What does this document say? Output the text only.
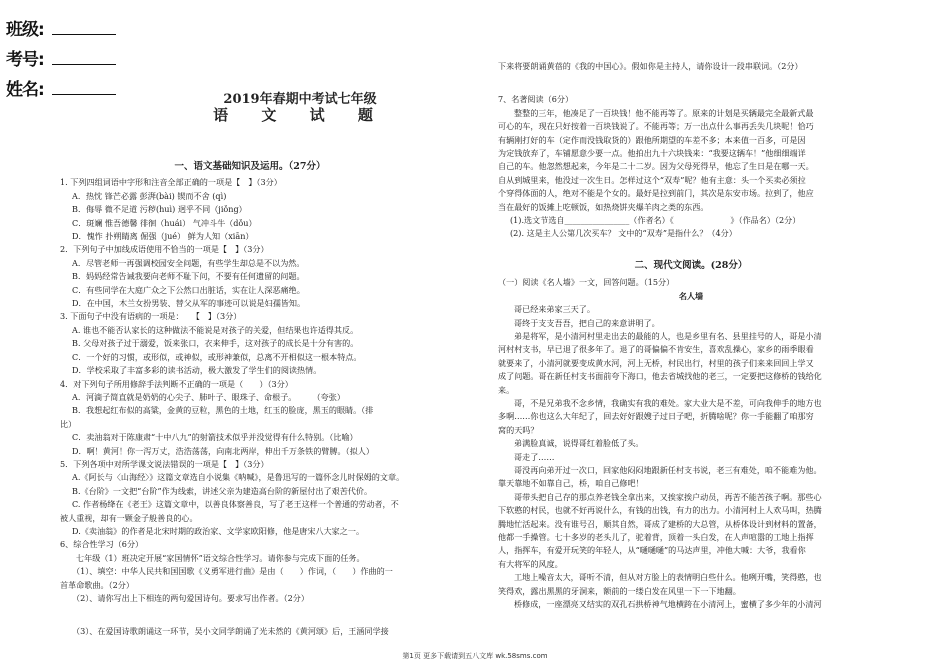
班级:
考号:
姓名:	2019年春期中考试七年级
语 文 试 题

一、语文基础知识及运用。（27分）

1. 下列四组词语中字形和注音全部正确的一项是【　】（3分）

A．热忱 锋芒必露 彭湃(bài) 锲而不舍 (qì)

B．侮辱 微不足道 污秽(huì) 迥乎不同（jiǒng）

C．斑斓 惟吾德馨 徘徊（huái） 气冲斗牛（dǒu）

D．愧怍 扑朔睛离 倔强（jué） 鲜为人知（xiān）

2．下列句子中加线成语使用不恰当的一项是【　】（3分）

A．尽管老师一再强调校园安全问题，有些学生却总是不以为然。

B．妈妈经常告诫我要向老师不耻下问，不要有任何遗留的问题。

C．有些同学在大庭广众之下公然口出脏话，实在让人深恶痛绝。

D．在中国，木兰女扮男装、替父从军的事迹可以说是妇孺皆知。

3. 下面句子中没有语病的一项是：　　【　】（3分）

A. 谁也不能否认家长的这种做法不能说是对孩子的关爱，但结果也许适得其反。

B. 父母对孩子过于溺爱，饭来张口，衣来伸手，这对孩子的成长是十分有害的。

C．一个好的习惯，或形似，或神似，或形神兼似，总离不开相似这一根本特点。

D．学校采取了丰富多彩的读书活动，极大激发了学生们的阅读热情。

4．对下列句子所用修辞手法判断不正确的一项是（　　）（3分）

A．河滴子简直就是奶奶的心尖子、肺叶子、眼珠子、命根子。　　　（夸张）

B．我想起红布似的高粱，金黄的豆粒，黑色的土地，红玉的脸庞，黑玉的眼睛。（排

比）

C．卖油翁对于陈康肃“十中八九”的射箭技术似乎并没觉得有什么特别。（比喻）

D．啊！黄河！你一泻万丈，浩浩荡荡，向南北两岸，伸出千万条铁的臂膊。（拟人）

5．下列各项中对所学课文说法错误的一项是【　】（3分）

A.《阿长与〈山海经〉》这篇文章选自小说集《呐喊》，是鲁迅写的一篇怀念儿时保姆的文章。

B.《台阶》一文把“台阶”作为线索，讲述父亲为建造高台阶的新屋付出了艰苦代价。

C. 作者杨绛在《老王》这篇文章中，以善良体察善良，写了老王这样一个普通的劳动者，不

被人重视，却有一颗金子般善良的心。

D.《卖油翁》的作者是北宋时期的政治家、文学家欧阳修，他是唐宋八大家之一。

6、综合性学习（6分）

七年级（1）班决定开展“家国情怀”语文综合性学习。请你参与完成下面的任务。

（1）、填空：中华人民共和国国歌《义勇军进行曲》是由（　　）作词，（　　）作曲的一

首革命歌曲。（2分）

（2）、请你写出上下相连的两句爱国诗句。要求写出作者。（2分）

（3）、在爱国诗歌朗诵这一环节，吴小文同学朗诵了光未然的《黄河颂》后，王涵同学接

下来将要朗诵黄蓓的《我的中国心》。假如你是主持人，请你设计一段串联词。（2分）

7、名著阅读（6分）

整整的三年，他凑足了一百块钱！他不能再等了。原来的计划是买辆最完全最新式最

可心的车，现在只好按着一百块钱说了。不能再等；万一出点什么事再丢失几块呢！恰巧

有辆刚打好的车（定作而没钱取货的）跟他所期望的车差不多；本来值一百多，可是因

为定钱放弃了，车铺愿意少要一点。他拍出九十六块钱来：“我要这辆车！”他细细端详

自己的车。他忽然想起来，今年是二十二岁。因为父母死得早，他忘了生日是在哪一天。

自从到城里来，他没过一次生日。怎样过这个“双寿”呢？他有主意：头一个买卖必须拉

个穿得体面的人，绝对不能是个女的。最好是拉到前门，其次是东安市场。拉到了，他应

当在最好的饭摊上吃顿饭，如热烧饼夹爆羊肉之类的东西。

(1).选文节选自________________（作者名）《　　　　　　　》（作品名）（2分）

(2). 这是主人公第几次买车？ 文中的“双寿”是指什么？（4分）

二、现代文阅读。(28分）

（一）阅读《名人墙》一文，回答问题。（15分）

名人墙

哥已经来弟家三天了。

哥终于支支吾吾，把自己的来意讲明了。

弟是将军，是小清河村里走出去的最能的人，也是乡里有名、县里挂号的人，哥是小清

河村村支书，早已退了很多年了。退了的哥偏偏不肯安生，喜欢乱操心，家乡的雨季眼看

就要来了，小清河就要变成黄水河，河上无桥，村民出行，村里的孩子们来来回回上学又

成了问题。哥在新任村支书面前夸下海口，他去省城找他的老三，一定要把这修桥的钱给化

来。

哥，不是兄弟我不念乡情，我确实有我的难处。家大业大是不差，可向我伸手的地方也

多啊……你也这么大年纪了，回去好好跟嫂子过日子吧，折腾啥呢？你一手能翻了咱那穷

窝的天吗？

弟满脸真诚，说得哥红着脸低了头。

哥走了……

哥没再向弟开过一次口，回家他闷闷地跟新任村支书说，老三有难处，咱不能难为他。

靠天靠地不如靠自己，桥，咱自己修吧！

哥带头把自己存的那点养老钱全拿出来，又挨家挨户动员，再苦不能苦孩子啊。那些心

下软憨的村民，也就不好再说什么，有钱的出钱，有力的出力。小清河村上人欢马叫，热腾

腾地忙活起来。没有谁号召，顺其自然，哥成了建桥的大总管，从桥体设计到材料的置备，

他都一手操管。七十多岁的老头儿了，驼着背，顶着一头白发，在人声喧嚣的工地上指挥

人，指挥车，有爱开玩笑的年轻人，从“嗵嗵嗵”的马达声里，冲他大喊：大爷，我看你

有大将军的风度。

工地上噪音太大，哥听不清，但从对方脸上的表情明白些什么。他咧开嘴，笑得憨，也

笑得欢，露出黑黑的牙洞来，额前的一缕白发在风里一下一下地翻。

桥修成，一座漂亮又结实的双孔石拱桥神气地横跨在小清河上，蜜横了多少年的小清河

第1页 更多下载请到五八文库 wk.58sms.com
